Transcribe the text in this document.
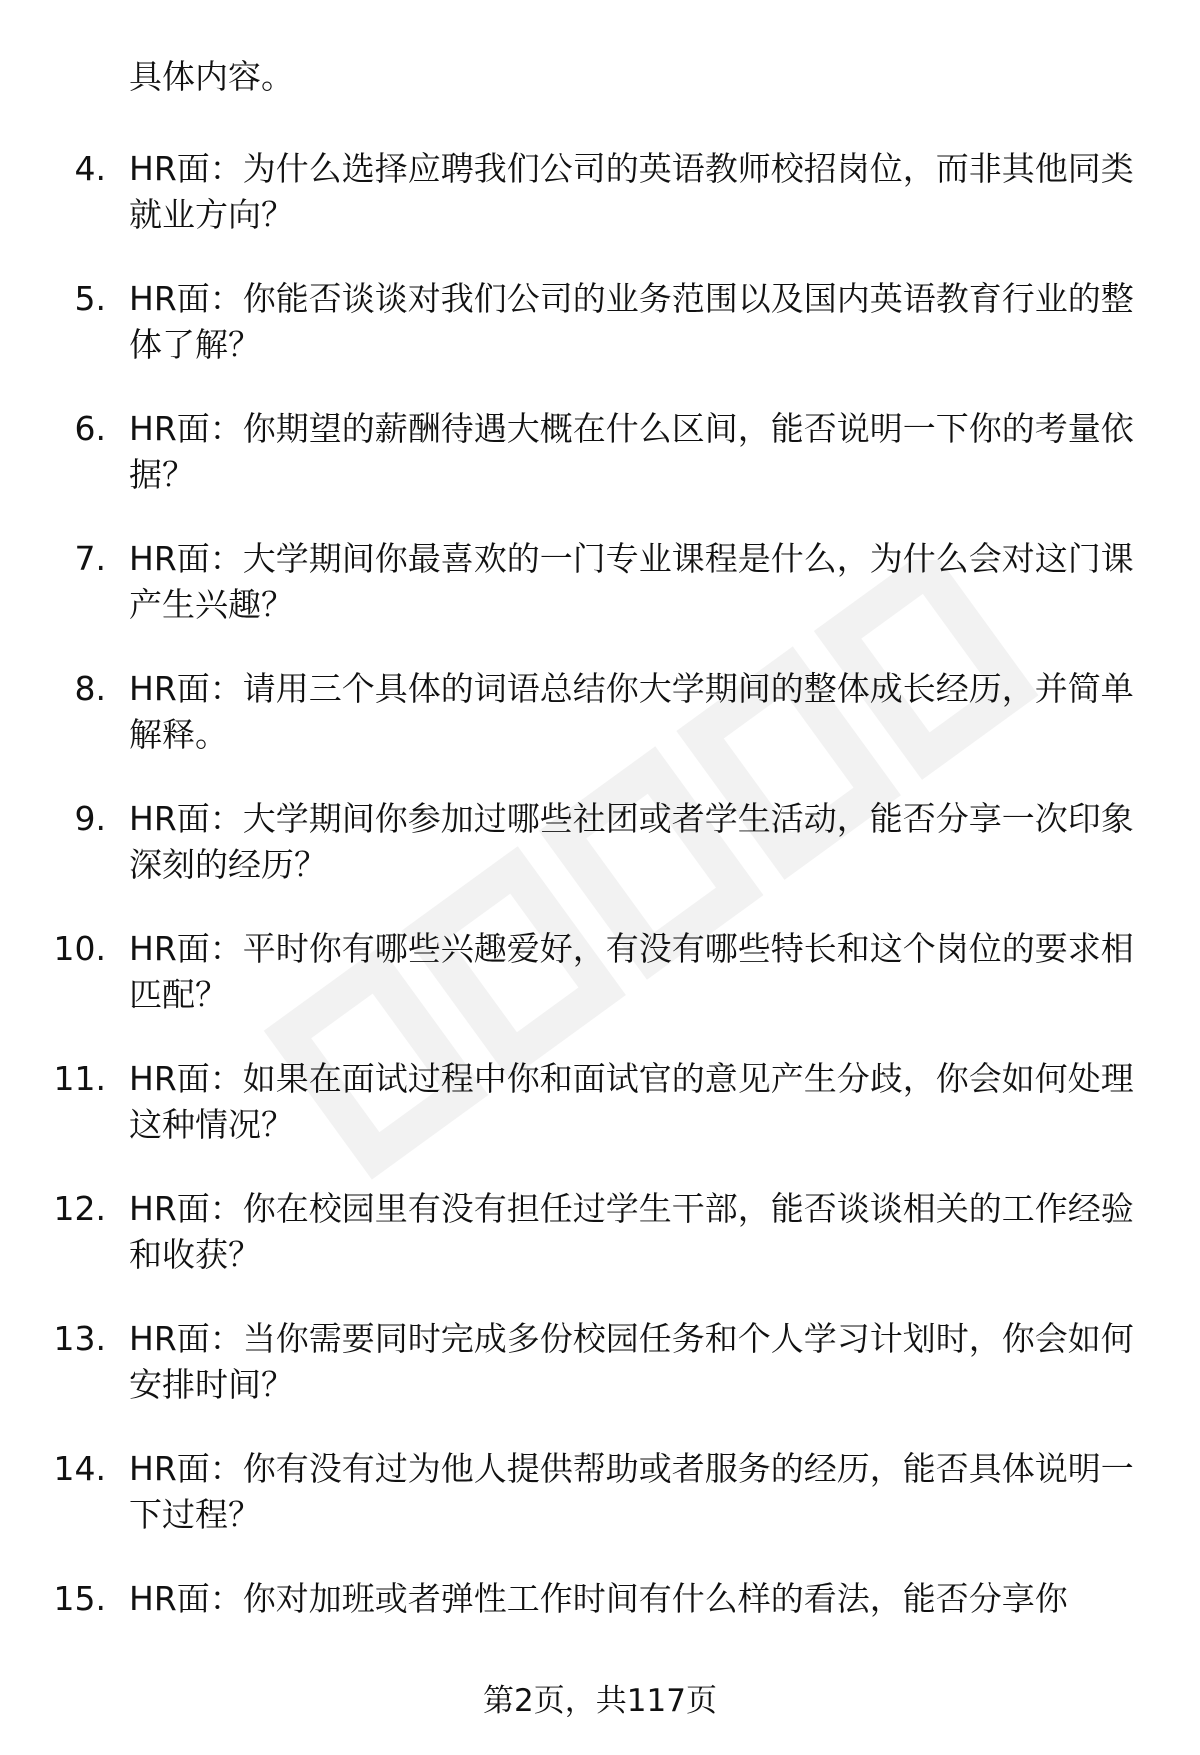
具体内容。
4. HR面：为什么选择应聘我们公司的英语教师校招岗位，而非其他同类就业方向？
5. HR面：你能否谈谈对我们公司的业务范围以及国内英语教育行业的整体了解？
6. HR面：你期望的薪酬待遇大概在什么区间，能否说明一下你的考量依据？
7. HR面：大学期间你最喜欢的一门专业课程是什么，为什么会对这门课产生兴趣？
8. HR面：请用三个具体的词语总结你大学期间的整体成长经历，并简单解释。
9. HR面：大学期间你参加过哪些社团或者学生活动，能否分享一次印象深刻的经历？
10. HR面：平时你有哪些兴趣爱好，有没有哪些特长和这个岗位的要求相匹配？
11. HR面：如果在面试过程中你和面试官的意见产生分歧，你会如何处理这种情况？
12. HR面：你在校园里有没有担任过学生干部，能否谈谈相关的工作经验和收获？
13. HR面：当你需要同时完成多份校园任务和个人学习计划时，你会如何安排时间？
14. HR面：你有没有过为他人提供帮助或者服务的经历，能否具体说明一下过程？
15. HR面：你对加班或者弹性工作时间有什么样的看法，能否分享你
第2页，共117页
